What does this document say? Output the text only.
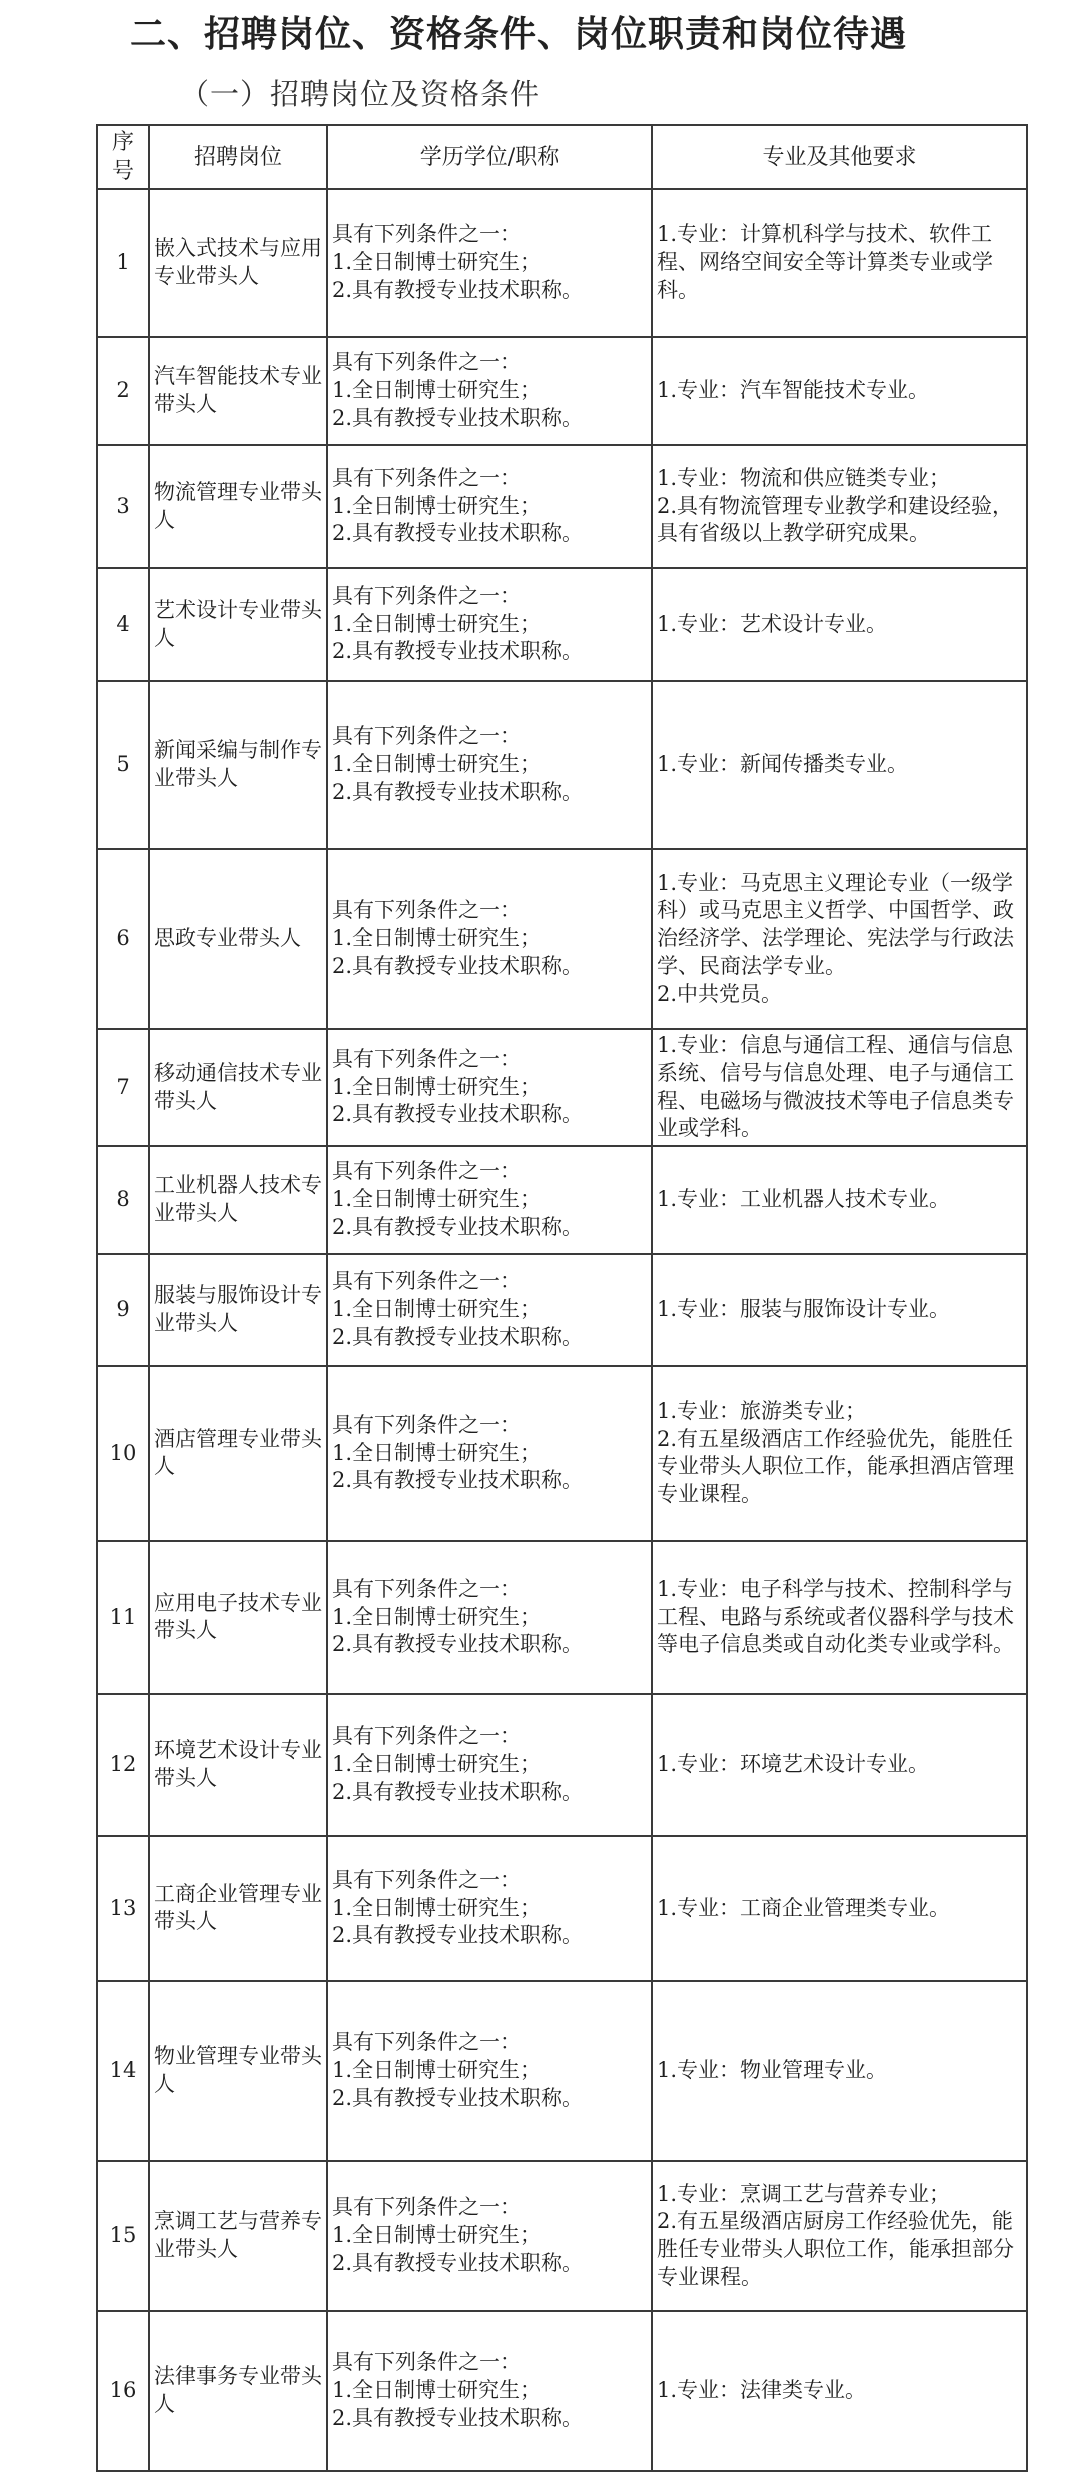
二、招聘岗位、资格条件、岗位职责和岗位待遇
（一）招聘岗位及资格条件
序号	招聘岗位	学历学位/职称	专业及其他要求
1	嵌入式技术与应用专业带头人	具有下列条件之一：
1.全日制博士研究生；
2.具有教授专业技术职称。	1.专业：计算机科学与技术、软件工程、网络空间安全等计算类专业或学科。
2	汽车智能技术专业带头人	具有下列条件之一：
1.全日制博士研究生；
2.具有教授专业技术职称。	1.专业：汽车智能技术专业。
3	物流管理专业带头人	具有下列条件之一：
1.全日制博士研究生；
2.具有教授专业技术职称。	1.专业：物流和供应链类专业；
2.具有物流管理专业教学和建设经验，具有省级以上教学研究成果。
4	艺术设计专业带头人	具有下列条件之一：
1.全日制博士研究生；
2.具有教授专业技术职称。	1.专业：艺术设计专业。
5	新闻采编与制作专业带头人	具有下列条件之一：
1.全日制博士研究生；
2.具有教授专业技术职称。	1.专业：新闻传播类专业。
6	思政专业带头人	具有下列条件之一：
1.全日制博士研究生；
2.具有教授专业技术职称。	1.专业：马克思主义理论专业（一级学科）或马克思主义哲学、中国哲学、政治经济学、法学理论、宪法学与行政法学、民商法学专业。
2.中共党员。
7	移动通信技术专业带头人	具有下列条件之一：
1.全日制博士研究生；
2.具有教授专业技术职称。	1.专业：信息与通信工程、通信与信息系统、信号与信息处理、电子与通信工程、电磁场与微波技术等电子信息类专业或学科。
8	工业机器人技术专业带头人	具有下列条件之一：
1.全日制博士研究生；
2.具有教授专业技术职称。	1.专业：工业机器人技术专业。
9	服装与服饰设计专业带头人	具有下列条件之一：
1.全日制博士研究生；
2.具有教授专业技术职称。	1.专业：服装与服饰设计专业。
10	酒店管理专业带头人	具有下列条件之一：
1.全日制博士研究生；
2.具有教授专业技术职称。	1.专业：旅游类专业；
2.有五星级酒店工作经验优先，能胜任专业带头人职位工作，能承担酒店管理专业课程。
11	应用电子技术专业带头人	具有下列条件之一：
1.全日制博士研究生；
2.具有教授专业技术职称。	1.专业：电子科学与技术、控制科学与工程、电路与系统或者仪器科学与技术等电子信息类或自动化类专业或学科。
12	环境艺术设计专业带头人	具有下列条件之一：
1.全日制博士研究生；
2.具有教授专业技术职称。	1.专业：环境艺术设计专业。
13	工商企业管理专业带头人	具有下列条件之一：
1.全日制博士研究生；
2.具有教授专业技术职称。	1.专业：工商企业管理类专业。
14	物业管理专业带头人	具有下列条件之一：
1.全日制博士研究生；
2.具有教授专业技术职称。	1.专业：物业管理专业。
15	烹调工艺与营养专业带头人	具有下列条件之一：
1.全日制博士研究生；
2.具有教授专业技术职称。	1.专业：烹调工艺与营养专业；
2.有五星级酒店厨房工作经验优先，能胜任专业带头人职位工作，能承担部分专业课程。
16	法律事务专业带头人	具有下列条件之一：
1.全日制博士研究生；
2.具有教授专业技术职称。	1.专业：法律类专业。
